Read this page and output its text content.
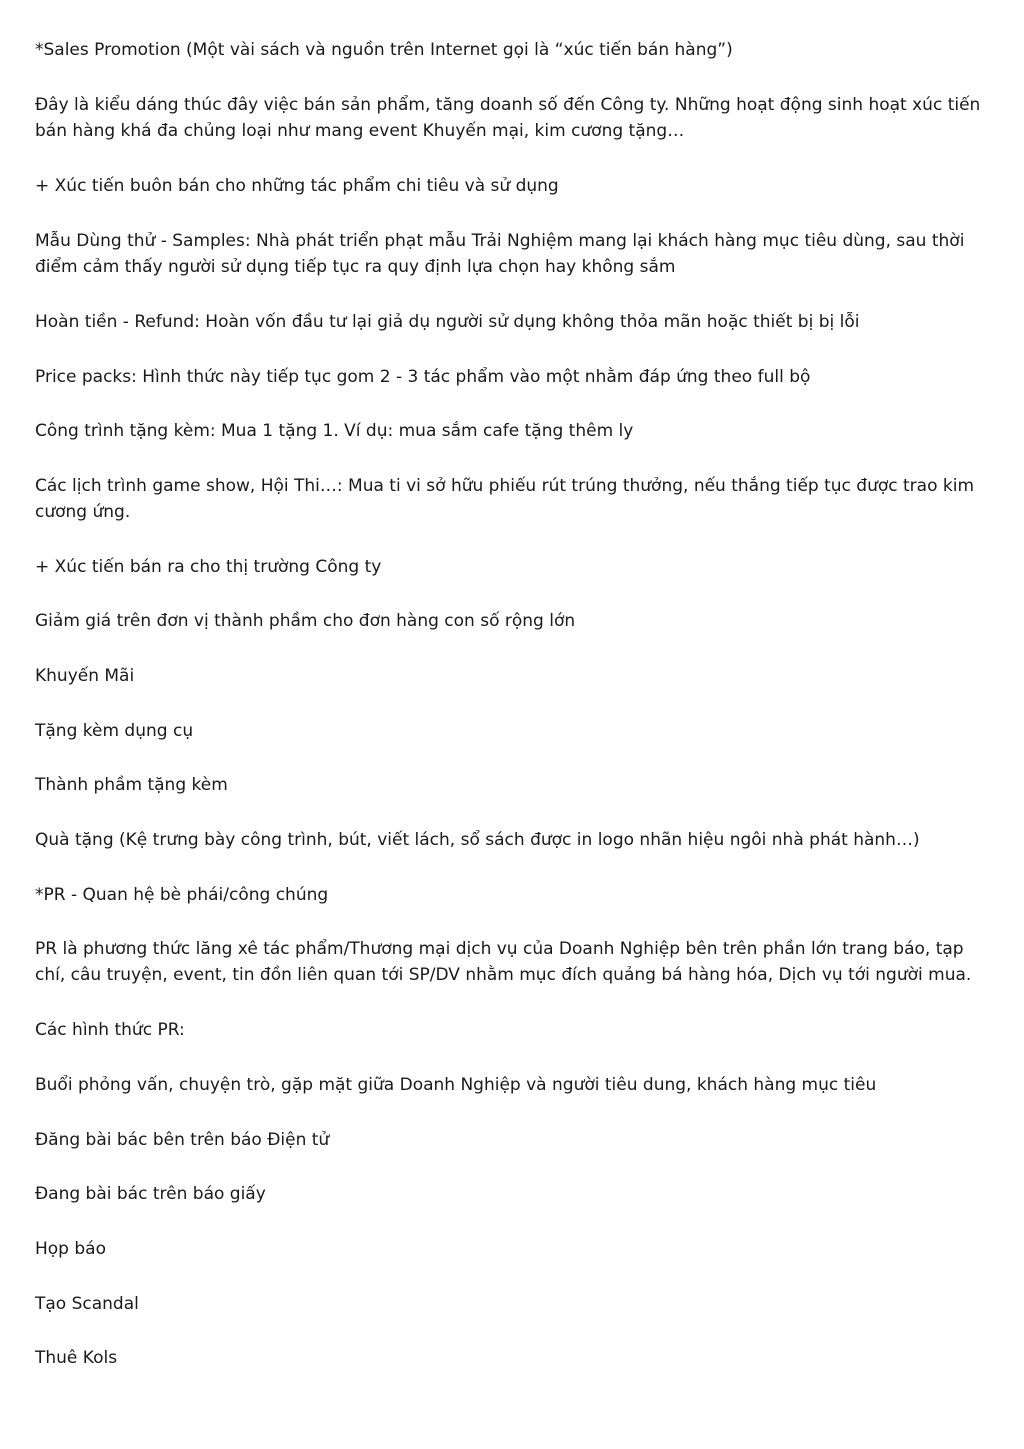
*Sales Promotion (Một vài sách và nguồn trên Internet gọi là “xúc tiến bán hàng”)

Đây là kiểu dáng thúc đây việc bán sản phẩm, tăng doanh số đến Công ty. Những hoạt động sinh hoạt xúc tiến bán hàng khá đa chủng loại như mang event Khuyến mại, kim cương tặng…

+ Xúc tiến buôn bán cho những tác phẩm chi tiêu và sử dụng

Mẫu Dùng thử - Samples: Nhà phát triển phạt mẫu Trải Nghiệm mang lại khách hàng mục tiêu dùng, sau thời điểm cảm thấy người sử dụng tiếp tục ra quy định lựa chọn hay không sắm

Hoàn tiền - Refund: Hoàn vốn đầu tư lại giả dụ người sử dụng không thỏa mãn hoặc thiết bị bị lỗi

Price packs: Hình thức này tiếp tục gom 2 - 3 tác phẩm vào một nhằm đáp ứng theo full bộ

Công trình tặng kèm: Mua 1 tặng 1. Ví dụ: mua sắm cafe tặng thêm ly

Các lịch trình game show, Hội Thi…: Mua ti vi sở hữu phiếu rút trúng thưởng, nếu thắng tiếp tục được trao kim cương ứng.

+ Xúc tiến bán ra cho thị trường Công ty

Giảm giá trên đơn vị thành phầm cho đơn hàng con số rộng lớn

Khuyến Mãi

Tặng kèm dụng cụ

Thành phầm tặng kèm

Quà tặng (Kệ trưng bày công trình, bút, viết lách, sổ sách được in logo nhãn hiệu ngôi nhà phát hành…)

*PR - Quan hệ bè phái/công chúng

PR là phương thức lăng xê tác phẩm/Thương mại dịch vụ của Doanh Nghiệp bên trên phần lớn trang báo, tạp chí, câu truyện, event, tin đồn liên quan tới SP/DV nhằm mục đích quảng bá hàng hóa, Dịch vụ tới người mua.

Các hình thức PR:

Buổi phỏng vấn, chuyện trò, gặp mặt giữa Doanh Nghiệp và người tiêu dung, khách hàng mục tiêu

Đăng bài bác bên trên báo Điện tử

Đang bài bác trên báo giấy

Họp báo

Tạo Scandal

Thuê Kols
